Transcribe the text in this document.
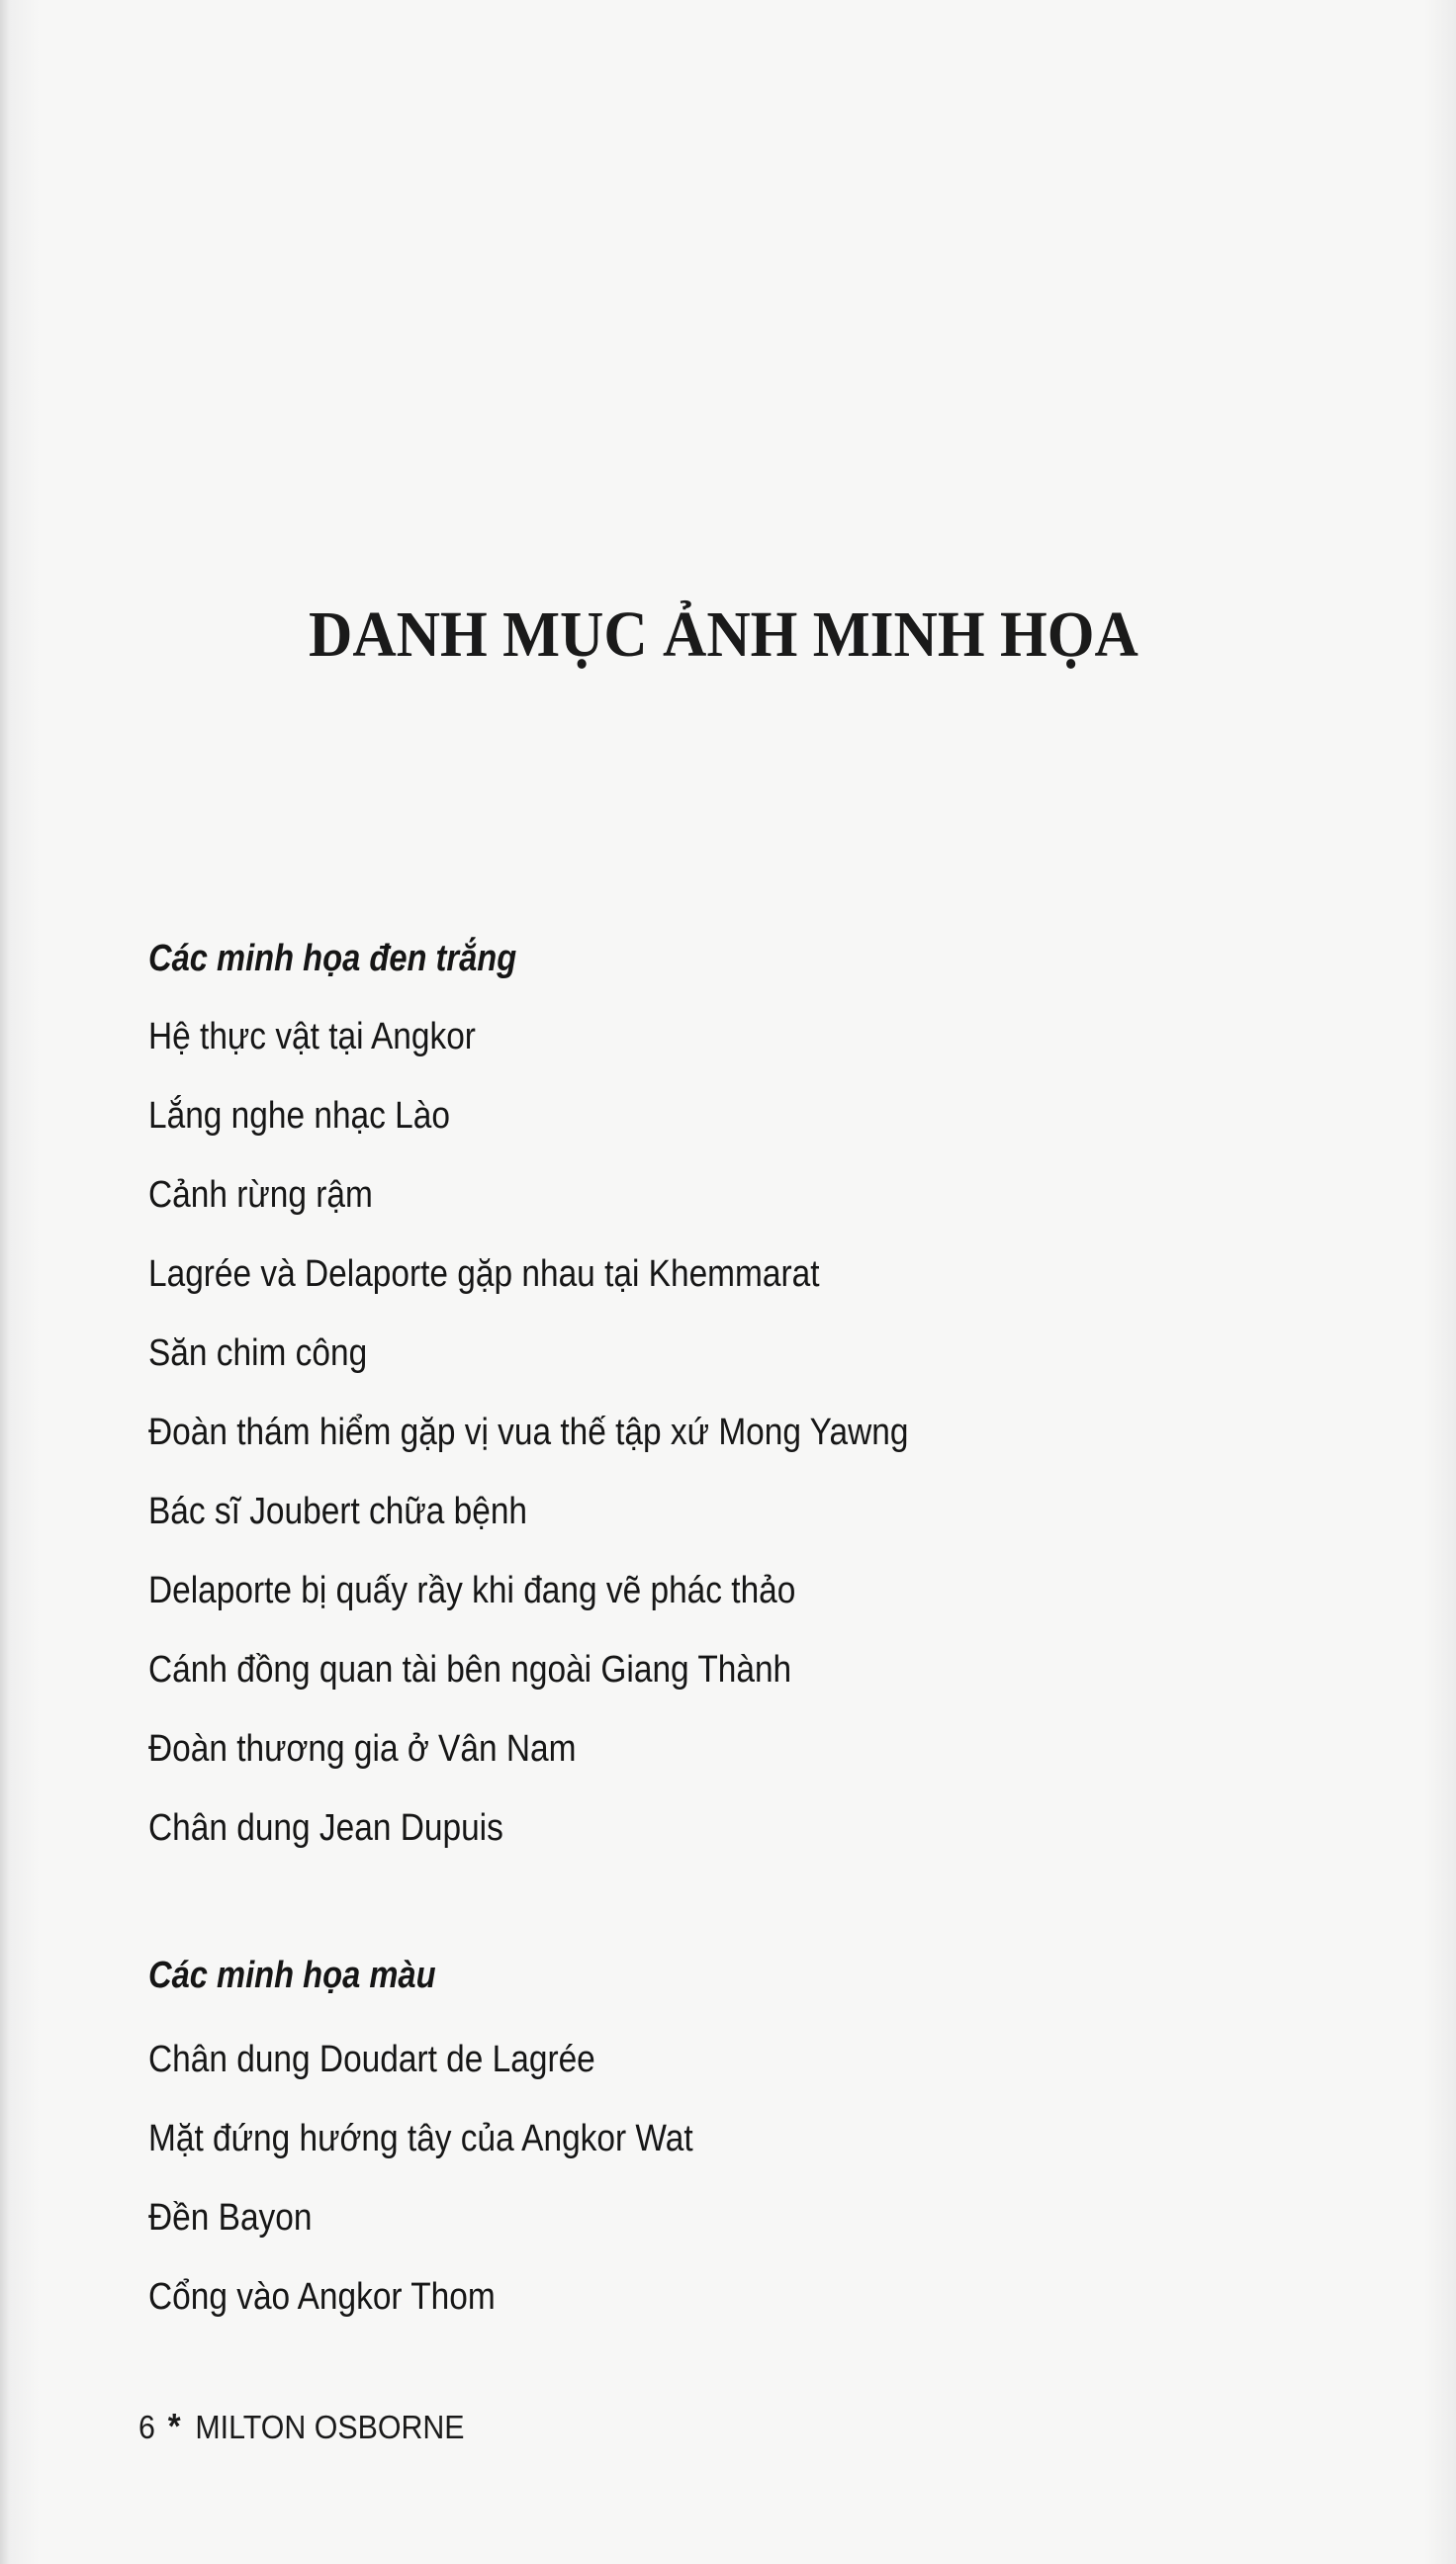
DANH MỤC ẢNH MINH HỌA
Các minh họa đen trắng
Hệ thực vật tại Angkor
Lắng nghe nhạc Lào
Cảnh rừng rậm
Lagrée và Delaporte gặp nhau tại Khemmarat
Săn chim công
Đoàn thám hiểm gặp vị vua thế tập xứ Mong Yawng
Bác sĩ Joubert chữa bệnh
Delaporte bị quấy rầy khi đang vẽ phác thảo
Cánh đồng quan tài bên ngoài Giang Thành
Đoàn thương gia ở Vân Nam
Chân dung Jean Dupuis
Các minh họa màu
Chân dung Doudart de Lagrée
Mặt đứng hướng tây của Angkor Wat
Đền Bayon
Cổng vào Angkor Thom
6 * MILTON OSBORNE
